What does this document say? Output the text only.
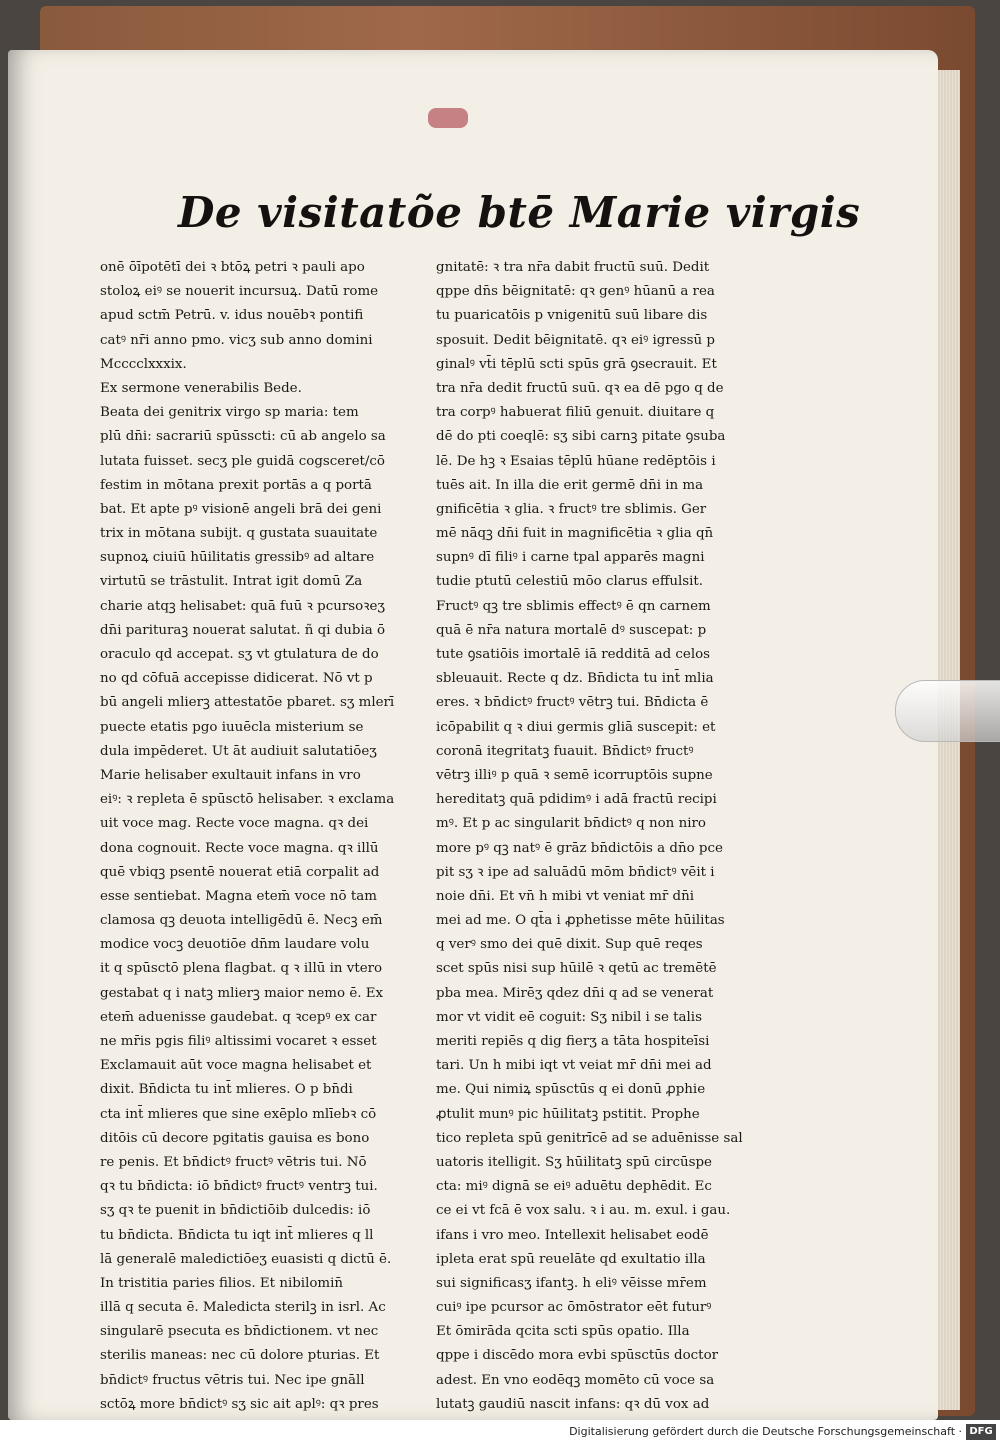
De visitatõe btē Marie virgis
onē ōīpotētī dei ꝛ btōꝝ petri ꝛ pauli apo
stoloꝝ eiꝰ se nouerit incursuꝝ. Datū rome
apud sctm̄ Petrū. v. idus nouēbꝛ pontifi
catꝰ nr̄i anno pmo. vicʒ sub anno domini
Mcccclxxxix.
Ex sermone venerabilis Bede.
Beata dei genitrix virgo sp maria: tem
plū dn̄i: sacrariū spūsscti: cū ab angelo sa
lutata fuisset. secʒ ple guidā cogsceret/cō
festim in mōtana prexit portās a q portā
bat. Et apte pꝰ visionē angeli brā dei geni
trix in mōtana subijt. q gustata suauitate
supnoꝝ ciuiū hūilitatis gressibꝰ ad altare
virtutū se trāstulit. Intrat igit domū Za
charie atqꝫ helisabet: quā fuū ꝛ pcursoꝛeʒ
dn̄i parituraꝫ nouerat salutat. ñ qi dubia ō
oraculo qd accepat. sʒ vt gtulatura de do
no qd cōfuā accepisse didicerat. Nō vt p
bū angeli mlierꝫ attestatōe pbaret. sʒ mlerī
puecte etatis pgo iuuēcla misterium se
dula impēderet. Ut āt audiuit salutatiōeʒ
Marie helisaber exultauit infans in vro
eiꝰ: ꝛ repleta ē spūsctō helisaber. ꝛ exclama
uit voce mag. Recte voce magna. qꝛ dei
dona cognouit. Recte voce magna. qꝛ illū
quē vbiqꝫ psentē nouerat etiā corpalit ad
esse sentiebat. Magna etem̄ voce nō tam
clamosa qꝫ deuota intelligēdū ē. Necꝫ em̄
modice vocꝫ deuotiōe dn̄m laudare volu
it q spūsctō plena flagbat. q ꝛ illū in vtero
gestabat q i natꝫ mlierꝫ maior nemo ē. Ex
etem̄ aduenisse gaudebat. q ꝛcepꝰ ex car
ne mr̄is pgis filiꝰ altissimi vocaret ꝛ esset
Exclamauit aūt voce magna helisabet et
dixit. Bn̄dicta tu int̄ mlieres. O p bn̄di
cta int̄ mlieres que sine exēplo mlīebꝛ cō
ditōis cū decore pgitatis gauisa es bono
re penis. Et bn̄dictꝰ fructꝰ vētris tui. Nō
qꝛ tu bn̄dicta: iō bn̄dictꝰ fructꝰ ventrꝫ tui.
sʒ qꝛ te puenit in bn̄dictiōib dulcedis: iō
tu bn̄dicta. Bn̄dicta tu iqt int̄ mlieres q ll
lā generalē maledictiōeʒ euasisti q dictū ē.
In tristitia paries filios. Et nibilomin̄
illā q secuta ē. Maledicta sterilꝫ in isrl. Ac
singularē psecuta es bn̄dictionem. vt nec
sterilis maneas: nec cū dolore pturias. Et
bn̄dictꝰ fructus vētris tui. Nec ipe gnāll
sctōꝝ more bn̄dictꝰ sʒ sic ait aplꝰ: qꝛ pres
gnitatē: ꝛ tra nr̄a dabit fructū suū. Dedit
qppe dn̄s bēignitatē: qꝛ genꝰ hūanū a rea
tu puaricatōis p vnigenitū suū libare dis
sposuit. Dedit bēignitatē. qꝛ eiꝰ igressū p
ginalꝰ vt̄i tēplū scti spūs grā ꝯsecrauit. Et
tra nr̄a dedit fructū suū. qꝛ ea dē pgo q de
tra corpꝰ habuerat filiū genuit. diuitare q
dē do pti coeqlē: sʒ sibi carnꝫ pitate ꝯsuba
lē. De hꝫ ꝛ Esaias tēplū hūane redēptōis i
tuēs ait. In illa die erit germē dn̄i in ma
gnificētia ꝛ glia. ꝛ fructꝰ tre sblimis. Ger
mē nāqꝫ dn̄i fuit in magnificētia ꝛ glia qn̄
supnꝰ dī filiꝰ i carne tpal apparēs magni
tudie ptutū celestiū mōo clarus effulsit.
Fructꝰ qꝫ tre sblimis effectꝰ ē qn carnem
quā ē nr̄a natura mortalē dꝰ suscepat: p
tute ꝯsatiōis imortalē iā redditā ad celos
sbleuauit. Recte q dz. Bn̄dicta tu int̄ mlia
eres. ꝛ bn̄dictꝰ fructꝰ vētrꝫ tui. Bn̄dicta ē
icōpabilit q ꝛ diui germis gliā suscepit: et
coronā itegritatꝫ fuauit. Bn̄dictꝰ fructꝰ
vētrꝫ illiꝰ p quā ꝛ semē icorruptōis supne
hereditatꝫ quā pdidimꝰ i adā fractū recipi
mꝰ. Et p ac singularit bn̄dictꝰ q non niro
more pꝰ qꝫ natꝰ ē grāz bn̄dictōis a dn̄o pce
pit sʒ ꝛ ipe ad saluādū mōm bn̄dictꝰ vēit i
noie dn̄i. Et vn̄ h mibi vt veniat mr̄ dn̄i
mei ad me. O qt̄a i ꝓphetisse mēte hūilitas
q verꝰ smo dei quē dixit. Sup quē reqes
scet spūs nisi sup hūilē ꝛ qetū ac tremētē
pba mea. Mirēʒ qdez dn̄i q ad se venerat
mor vt vidit eē coguit: Sʒ nibil i se talis
meriti repiēs q dig fierʒ a tāta hospiteīsi
tari. Un h mibi iqt vt veiat mr̄ dn̄i mei ad
me. Qui nimiꝝ spūsctūs q ei donū ꝓphie
ꝓtulit munꝰ pic hūilitatꝫ pstitit. Prophe
tico repleta spū genitrīcē ad se aduēnisse sal
uatoris itelligit. Sʒ hūilitatꝫ spū circūspe
cta: miꝰ dignā se eiꝰ aduētu dephēdit. Ec
ce ei vt fcā ē vox salu. ꝛ i au. m. exul. i gau.
ifans i vro meo. Intellexit helisabet eodē
ipleta erat spū reuelāte qd exultatio illa
sui significasʒ ifantꝫ. h eliꝰ vēisse mr̄em
cuiꝰ ipe pcursor ac ōmōstrator eēt futurꝰ
Et ōmirāda qcita scti spūs opatio. Illa
qppe i discēdo mora evbi spūsctūs doctor
adest. En vno eodēqꝫ momēto cū voce sa
lutatꝫ gaudiū nascit infans: qꝛ dū vox ad
Digitalisierung gefördert durch die Deutsche Forschungsgemeinschaft · DFG
